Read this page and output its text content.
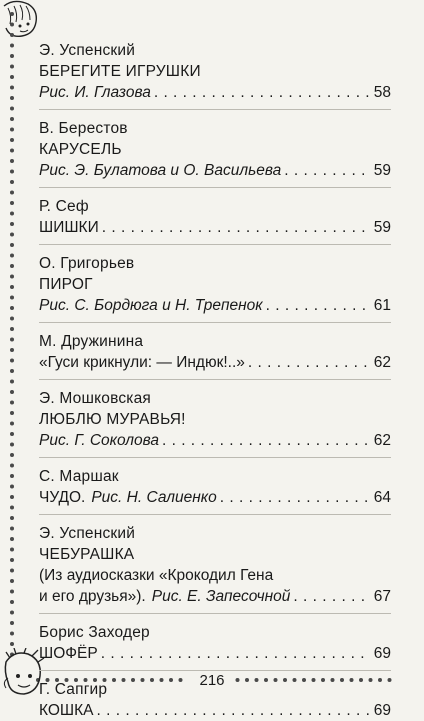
Э. Успенский
БЕРЕГИТЕ ИГРУШКИ
Рис. И. Глазова . . .	58
В. Берестов
КАРУСЕЛЬ
Рис. Э. Булатова и О. Васильева . . .	59
Р. Сеф
ШИШКИ . . .	59
О. Григорьев
ПИРОГ
Рис. С. Бордюга и Н. Трепенок . . .	61
М. Дружинина
«Гуси крикнули: — Индюк!..» . . .	62
Э. Мошковская
ЛЮБЛЮ МУРАВЬЯ!
Рис. Г. Соколова . . .	62
С. Маршак
ЧУДО. Рис. Н. Салиенко . . .	64
Э. Успенский
ЧЕБУРАШКА
(Из аудиосказки «Крокодил Гена
и его друзья»). Рис. Е. Запесочной . . .	67
Борис Заходер
ШОФЁР . . .	69
Г. Сапгир
КОШКА . . .	69
216
